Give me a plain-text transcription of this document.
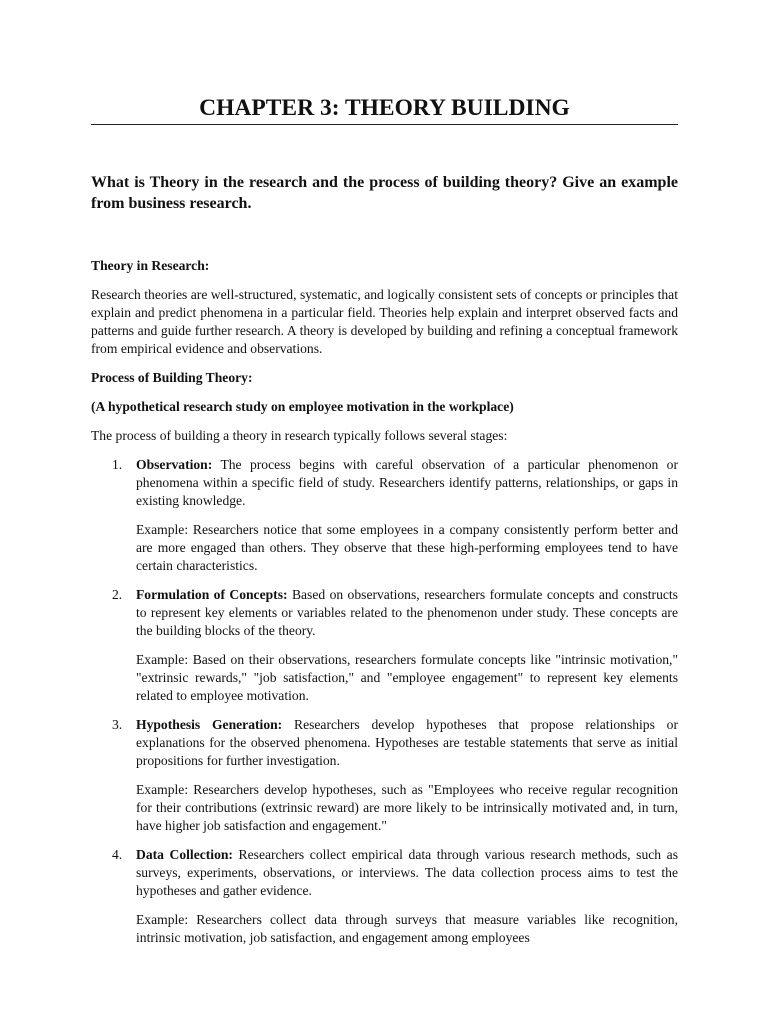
CHAPTER 3: THEORY BUILDING

What is Theory in the research and the process of building theory? Give an example from business research.

Theory in Research:

Research theories are well-structured, systematic, and logically consistent sets of concepts or principles that explain and predict phenomena in a particular field. Theories help explain and interpret observed facts and patterns and guide further research. A theory is developed by building and refining a conceptual framework from empirical evidence and observations.

Process of Building Theory:

(A hypothetical research study on employee motivation in the workplace)

The process of building a theory in research typically follows several stages:

1. Observation: The process begins with careful observation of a particular phenomenon or phenomena within a specific field of study. Researchers identify patterns, relationships, or gaps in existing knowledge.

Example: Researchers notice that some employees in a company consistently perform better and are more engaged than others. They observe that these high-performing employees tend to have certain characteristics.

2. Formulation of Concepts: Based on observations, researchers formulate concepts and constructs to represent key elements or variables related to the phenomenon under study. These concepts are the building blocks of the theory.

Example: Based on their observations, researchers formulate concepts like "intrinsic motivation," "extrinsic rewards," "job satisfaction," and "employee engagement" to represent key elements related to employee motivation.

3. Hypothesis Generation: Researchers develop hypotheses that propose relationships or explanations for the observed phenomena. Hypotheses are testable statements that serve as initial propositions for further investigation.

Example: Researchers develop hypotheses, such as "Employees who receive regular recognition for their contributions (extrinsic reward) are more likely to be intrinsically motivated and, in turn, have higher job satisfaction and engagement."

4. Data Collection: Researchers collect empirical data through various research methods, such as surveys, experiments, observations, or interviews. The data collection process aims to test the hypotheses and gather evidence.

Example: Researchers collect data through surveys that measure variables like recognition, intrinsic motivation, job satisfaction, and engagement among employees
